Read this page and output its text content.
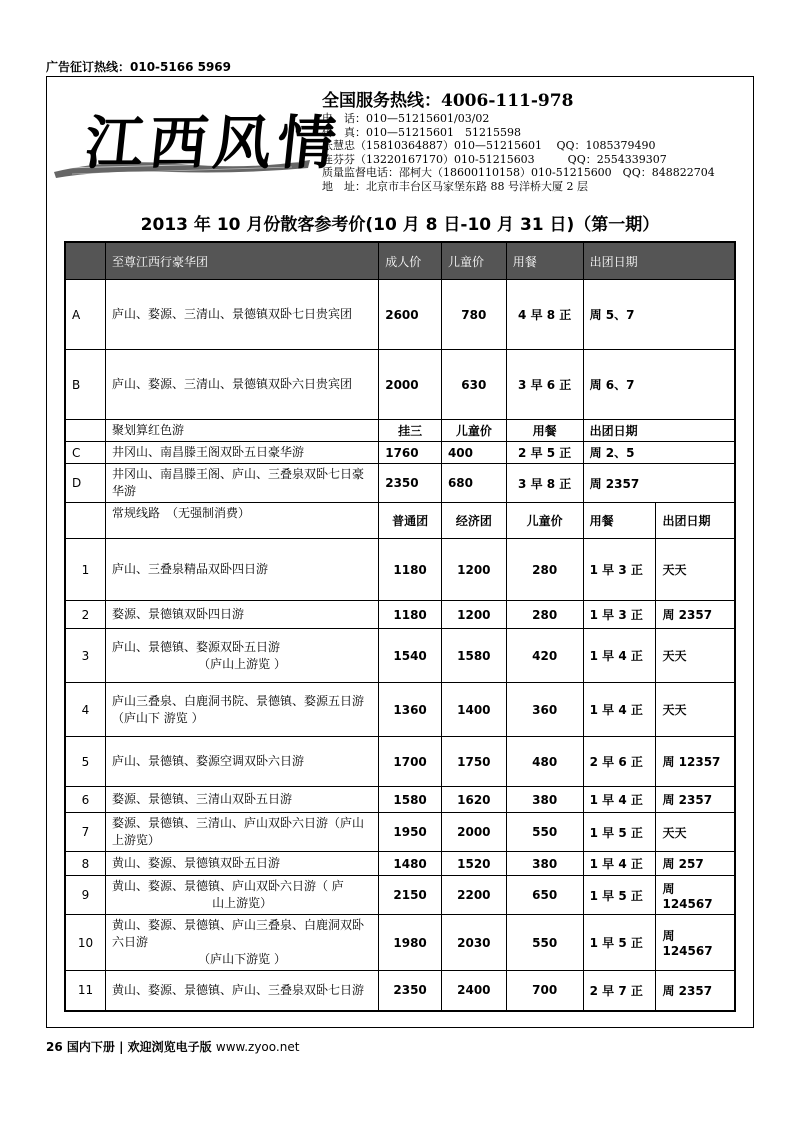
广告征订热线：010-5166 5969
江西风情
全国服务热线：4006-111-978
电　话：010—51215601/03/02
传　真：010—51215601　51215598
张慧忠（15810364887）010—51215601　 QQ：1085379490
连芬芬（13220167170）010-51215603　　　QQ：2554339307
质量监督电话：邵柯大（18600110158）010-51215600　QQ：848822704
地　址：北京市丰台区马家堡东路 88 号洋桥大厦 2 层
2013 年 10 月份散客参考价(10 月 8 日-10 月 31 日)（第一期）
	至尊江西行豪华团	成人价	儿童价	用餐	出团日期	
A	庐山、婺源、三清山、景德镇双卧七日贵宾团	2600	780	4 早 8 正	周 5、7	
B	庐山、婺源、三清山、景德镇双卧六日贵宾团	2000	630	3 早 6 正	周 6、7	
	聚划算红色游	挂三	儿童价	用餐	出团日期	
C	井冈山、南昌滕王阁双卧五日豪华游	1760	400	2 早 5 正	周 2、5	
D	井冈山、南昌滕王阁、庐山、三叠泉双卧七日豪华游	2350	680	3 早 8 正	周 2357	
	常规线路　（无强制消费）	普通团	经济团	儿童价	用餐	出团日期
1	庐山、三叠泉精品双卧四日游	1180	1200	280	1 早 3 正	天天
2	婺源、景德镇双卧四日游	1180	1200	280	1 早 3 正	周 2357
3	庐山、景德镇、婺源双卧五日游
（庐山上游览 ）	1540	1580	420	1 早 4 正	天天
4	庐山三叠泉、白鹿洞书院、景德镇、婺源五日游　（庐山下 游览 ）	1360	1400	360	1 早 4 正	天天
5	庐山、景德镇、婺源空调双卧六日游	1700	1750	480	2 早 6 正	周 12357
6	婺源、景德镇、三清山双卧五日游	1580	1620	380	1 早 4 正	周 2357
7	婺源、景德镇、三清山、庐山双卧六日游（庐山上游览）	1950	2000	550	1 早 5 正	天天
8	黄山、婺源、景德镇双卧五日游	1480	1520	380	1 早 4 正	周 257
9	黄山、婺源、景德镇、庐山双卧六日游（ 庐
山上游览）	2150	2200	650	1 早 5 正	周 124567
10	黄山、婺源、景德镇、庐山三叠泉、白鹿洞双卧六日游
（庐山下游览 ）	1980	2030	550	1 早 5 正	周 124567
11	黄山、婺源、景德镇、庐山、三叠泉双卧七日游	2350	2400	700	2 早 7 正	周 2357
26 国内下册 | 欢迎浏览电子版 www.zyoo.net
